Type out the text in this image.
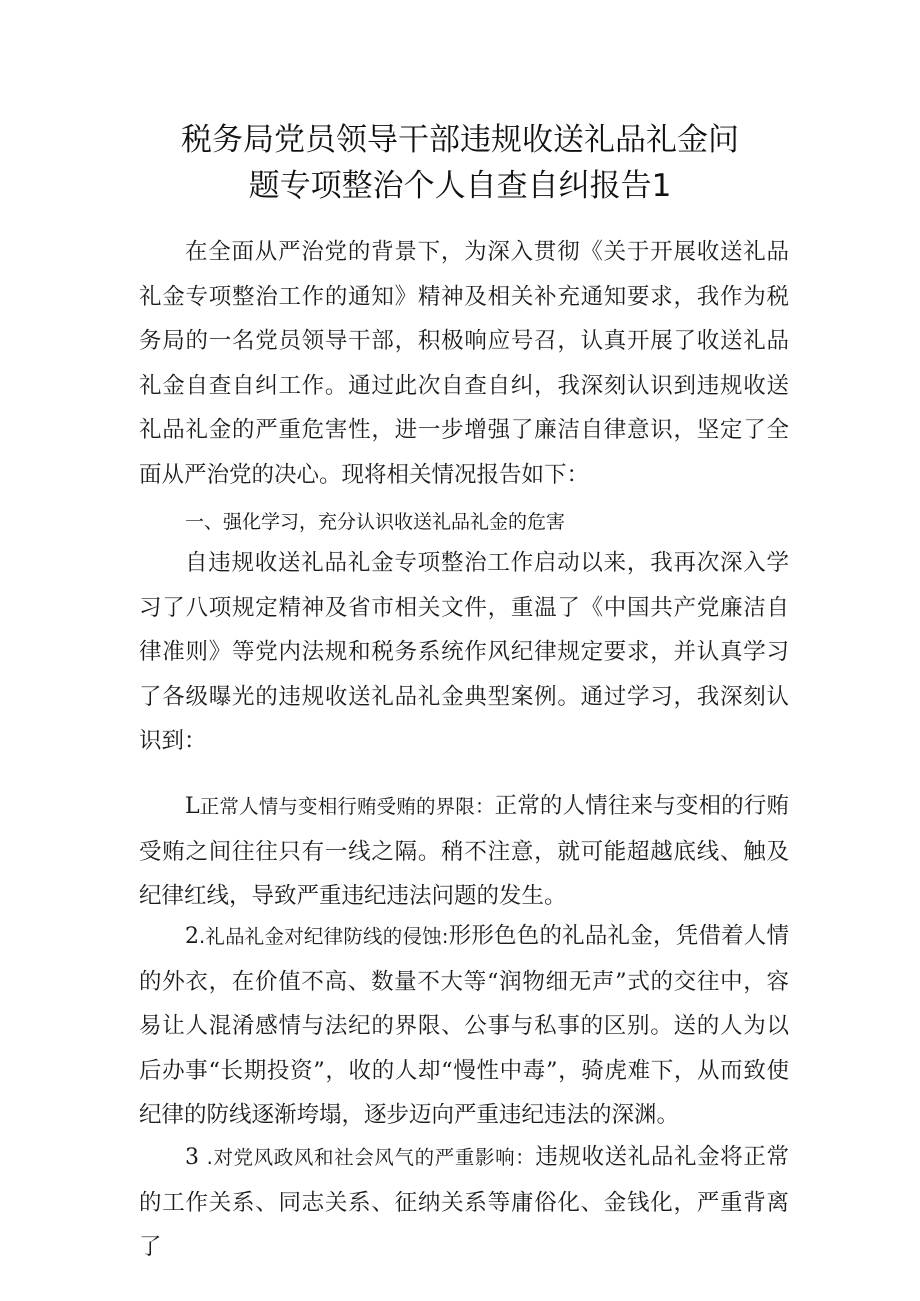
税务局党员领导干部违规收送礼品礼金问
题专项整治个人自查自纠报告1

在全面从严治党的背景下，为深入贯彻《关于开展收送礼品礼金专项整治工作的通知》精神及相关补充通知要求，我作为税务局的一名党员领导干部，积极响应号召，认真开展了收送礼品礼金自查自纠工作。通过此次自查自纠，我深刻认识到违规收送礼品礼金的严重危害性，进一步增强了廉洁自律意识，坚定了全面从严治党的决心。现将相关情况报告如下：

一、强化学习，充分认识收送礼品礼金的危害

自违规收送礼品礼金专项整治工作启动以来，我再次深入学习了八项规定精神及省市相关文件，重温了《中国共产党廉洁自律准则》等党内法规和税务系统作风纪律规定要求，并认真学习了各级曝光的违规收送礼品礼金典型案例。通过学习，我深刻认识到：

L正常人情与变相行贿受贿的界限：正常的人情往来与变相的行贿受贿之间往往只有一线之隔。稍不注意，就可能超越底线、触及纪律红线，导致严重违纪违法问题的发生。

2.礼品礼金对纪律防线的侵蚀:形形色色的礼品礼金，凭借着人情的外衣，在价值不高、数量不大等“润物细无声”式的交往中，容易让人混淆感情与法纪的界限、公事与私事的区别。送的人为以后办事“长期投资”，收的人却“慢性中毒”，骑虎难下，从而致使纪律的防线逐渐垮塌，逐步迈向严重违纪违法的深渊。

3 .对党风政风和社会风气的严重影响：违规收送礼品礼金将正常的工作关系、同志关系、征纳关系等庸俗化、金钱化，严重背离了
